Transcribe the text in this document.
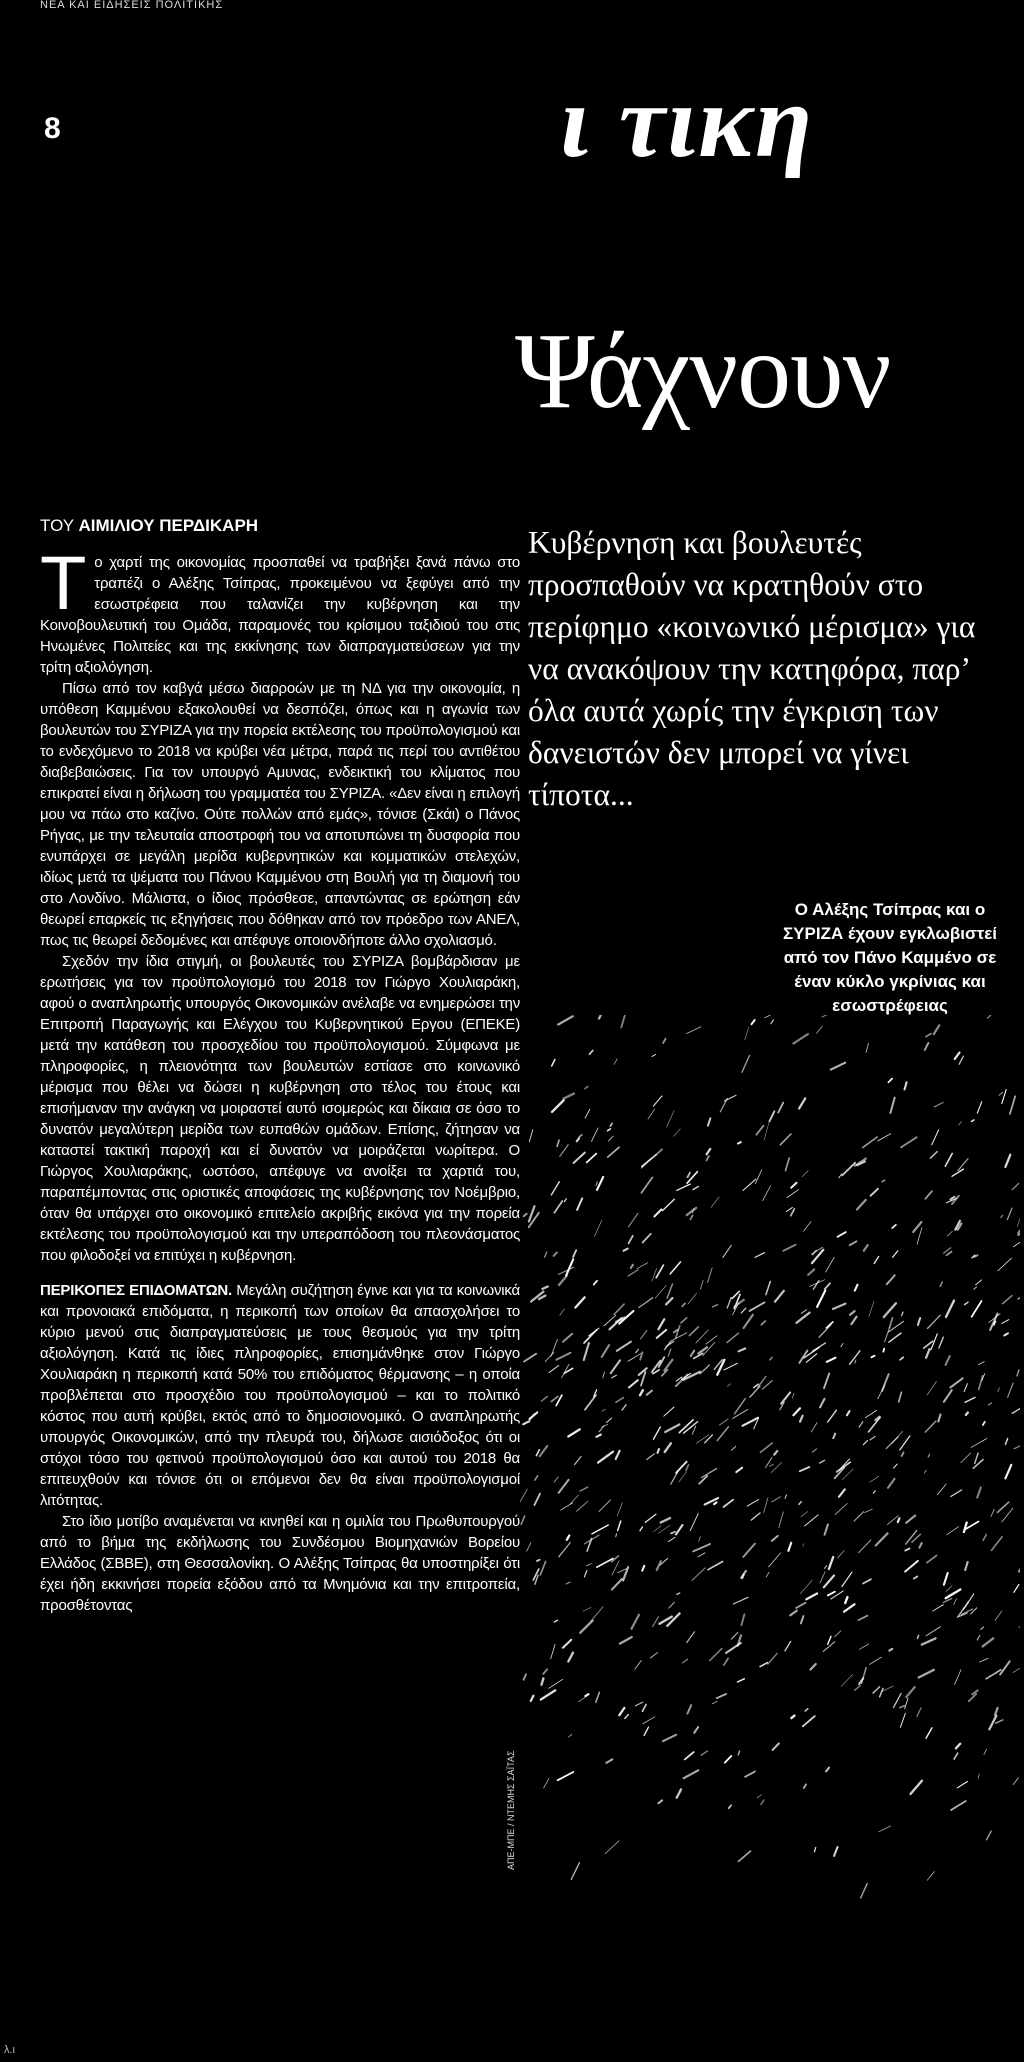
ΝΕΑ ΚΑΙ ΕΙΔΗΣΕΙΣ ΠΟΛΙΤΙΚΗΣ
8	ι τικη
Ψάχνουν
ΤΟΥ ΑΙΜΙΛΙΟΥ ΠΕΡΔΙΚΑΡΗ

Το χαρτί της οικονομίας προσπαθεί να τραβήξει ξανά πάνω στο τραπέζι ο Αλέξης Τσίπρας, προκειμένου να ξεφύγει από την εσωστρέφεια που ταλανίζει την κυβέρνηση και την Κοινοβουλευτική του Ομάδα, παραμονές του κρίσιμου ταξιδιού του στις Ηνωμένες Πολιτείες και της εκκίνησης των διαπραγματεύσεων για την τρίτη αξιολόγηση.

Πίσω από τον καβγά μέσω διαρροών με τη ΝΔ για την οικονομία, η υπόθεση Καμμένου εξακολουθεί να δεσπόζει, όπως και η αγωνία των βουλευτών του ΣΥΡΙΖΑ για την πορεία εκτέλεσης του προϋπολογισμού και το ενδεχόμενο το 2018 να κρύβει νέα μέτρα, παρά τις περί του αντιθέτου διαβεβαιώσεις. Για τον υπουργό Αμυνας, ενδεικτική του κλίματος που επικρατεί είναι η δήλωση του γραμματέα του ΣΥΡΙΖΑ. «Δεν είναι η επιλογή μου να πάω στο καζίνο. Ούτε πολλών από εμάς», τόνισε (Σκάι) ο Πάνος Ρήγας, με την τελευταία αποστροφή του να αποτυπώνει τη δυσφορία που ενυπάρχει σε μεγάλη μερίδα κυβερνητικών και κομματικών στελεχών, ιδίως μετά τα ψέματα του Πάνου Καμμένου στη Βουλή για τη διαμονή του στο Λονδίνο. Μάλιστα, ο ίδιος πρόσθεσε, απαντώντας σε ερώτηση εάν θεωρεί επαρκείς τις εξηγήσεις που δόθηκαν από τον πρόεδρο των ΑΝΕΛ, πως τις θεωρεί δεδομένες και απέφυγε οποιονδήποτε άλλο σχολιασμό.

Σχεδόν την ίδια στιγμή, οι βουλευτές του ΣΥΡΙΖΑ βομβάρδισαν με ερωτήσεις για τον προϋπολογισμό του 2018 τον Γιώργο Χουλιαράκη, αφού ο αναπληρωτής υπουργός Οικονομικών ανέλαβε να ενημερώσει την Επιτροπή Παραγωγής και Ελέγχου του Κυβερνητικού Εργου (ΕΠΕΚΕ) μετά την κατάθεση του προσχεδίου του προϋπολογισμού. Σύμφωνα με πληροφορίες, η πλειονότητα των βουλευτών εστίασε στο κοινωνικό μέρισμα που θέλει να δώσει η κυβέρνηση στο τέλος του έτους και επισήμαναν την ανάγκη να μοιραστεί αυτό ισομερώς και δίκαια σε όσο το δυνατόν μεγαλύτερη μερίδα των ευπαθών ομάδων. Επίσης, ζήτησαν να καταστεί τακτική παροχή και εί δυνατόν να μοιράζεται νωρίτερα. Ο Γιώργος Χουλιαράκης, ωστόσο, απέφυγε να ανοίξει τα χαρτιά του, παραπέμποντας στις οριστικές αποφάσεις της κυβέρνησης τον Νοέμβριο, όταν θα υπάρχει στο οικονομικό επιτελείο ακριβής εικόνα για την πορεία εκτέλεσης του προϋπολογισμού και την υπεραπόδοση του πλεονάσματος που φιλοδοξεί να επιτύχει η κυβέρνηση.

ΠΕΡΙΚΟΠΕΣ ΕΠΙΔΟΜΑΤΩΝ. Μεγάλη συζήτηση έγινε και για τα κοινωνικά και προνοιακά επιδόματα, η περικοπή των οποίων θα απασχολήσει το κύριο μενού στις διαπραγματεύσεις με τους θεσμούς για την τρίτη αξιολόγηση. Κατά τις ίδιες πληροφορίες, επισημάνθηκε στον Γιώργο Χουλιαράκη η περικοπή κατά 50% του επιδόματος θέρμανσης – η οποία προβλέπεται στο προσχέδιο του προϋπολογισμού – και το πολιτικό κόστος που αυτή κρύβει, εκτός από το δημοσιονομικό. Ο αναπληρωτής υπουργός Οικονομικών, από την πλευρά του, δήλωσε αισιόδοξος ότι οι στόχοι τόσο του φετινού προϋπολογισμού όσο και αυτού του 2018 θα επιτευχθούν και τόνισε ότι οι επόμενοι δεν θα είναι προϋπολογισμοί λιτότητας.

Στο ίδιο μοτίβο αναμένεται να κινηθεί και η ομιλία του Πρωθυπουργού από το βήμα της εκδήλωσης του Συνδέσμου Βιομηχανιών Βορείου Ελλάδος (ΣΒΒΕ), στη Θεσσαλονίκη. Ο Αλέξης Τσίπρας θα υποστηρίξει ότι έχει ήδη εκκινήσει πορεία εξόδου από τα Μνημόνια και την επιτροπεία, προσθέτοντας

Κυβέρνηση και βουλευτές προσπαθούν να κρατηθούν στο περίφημο «κοινωνικό μέρισμα» για να ανακόψουν την κατηφόρα, παρ’ όλα αυτά χωρίς την έγκριση των δανειστών δεν μπορεί να γίνει τίποτα...
Ο Αλέξης Τσίπρας και ο ΣΥΡΙΖΑ έχουν εγκλωβιστεί από τον Πάνο Καμμένο σε έναν κύκλο γκρίνιας και εσωστρέφειας
ΑΠΕ-ΜΠΕ / ΝΤΕΜΗΣ ΣΑΪΤΑΣ
λ.ι
